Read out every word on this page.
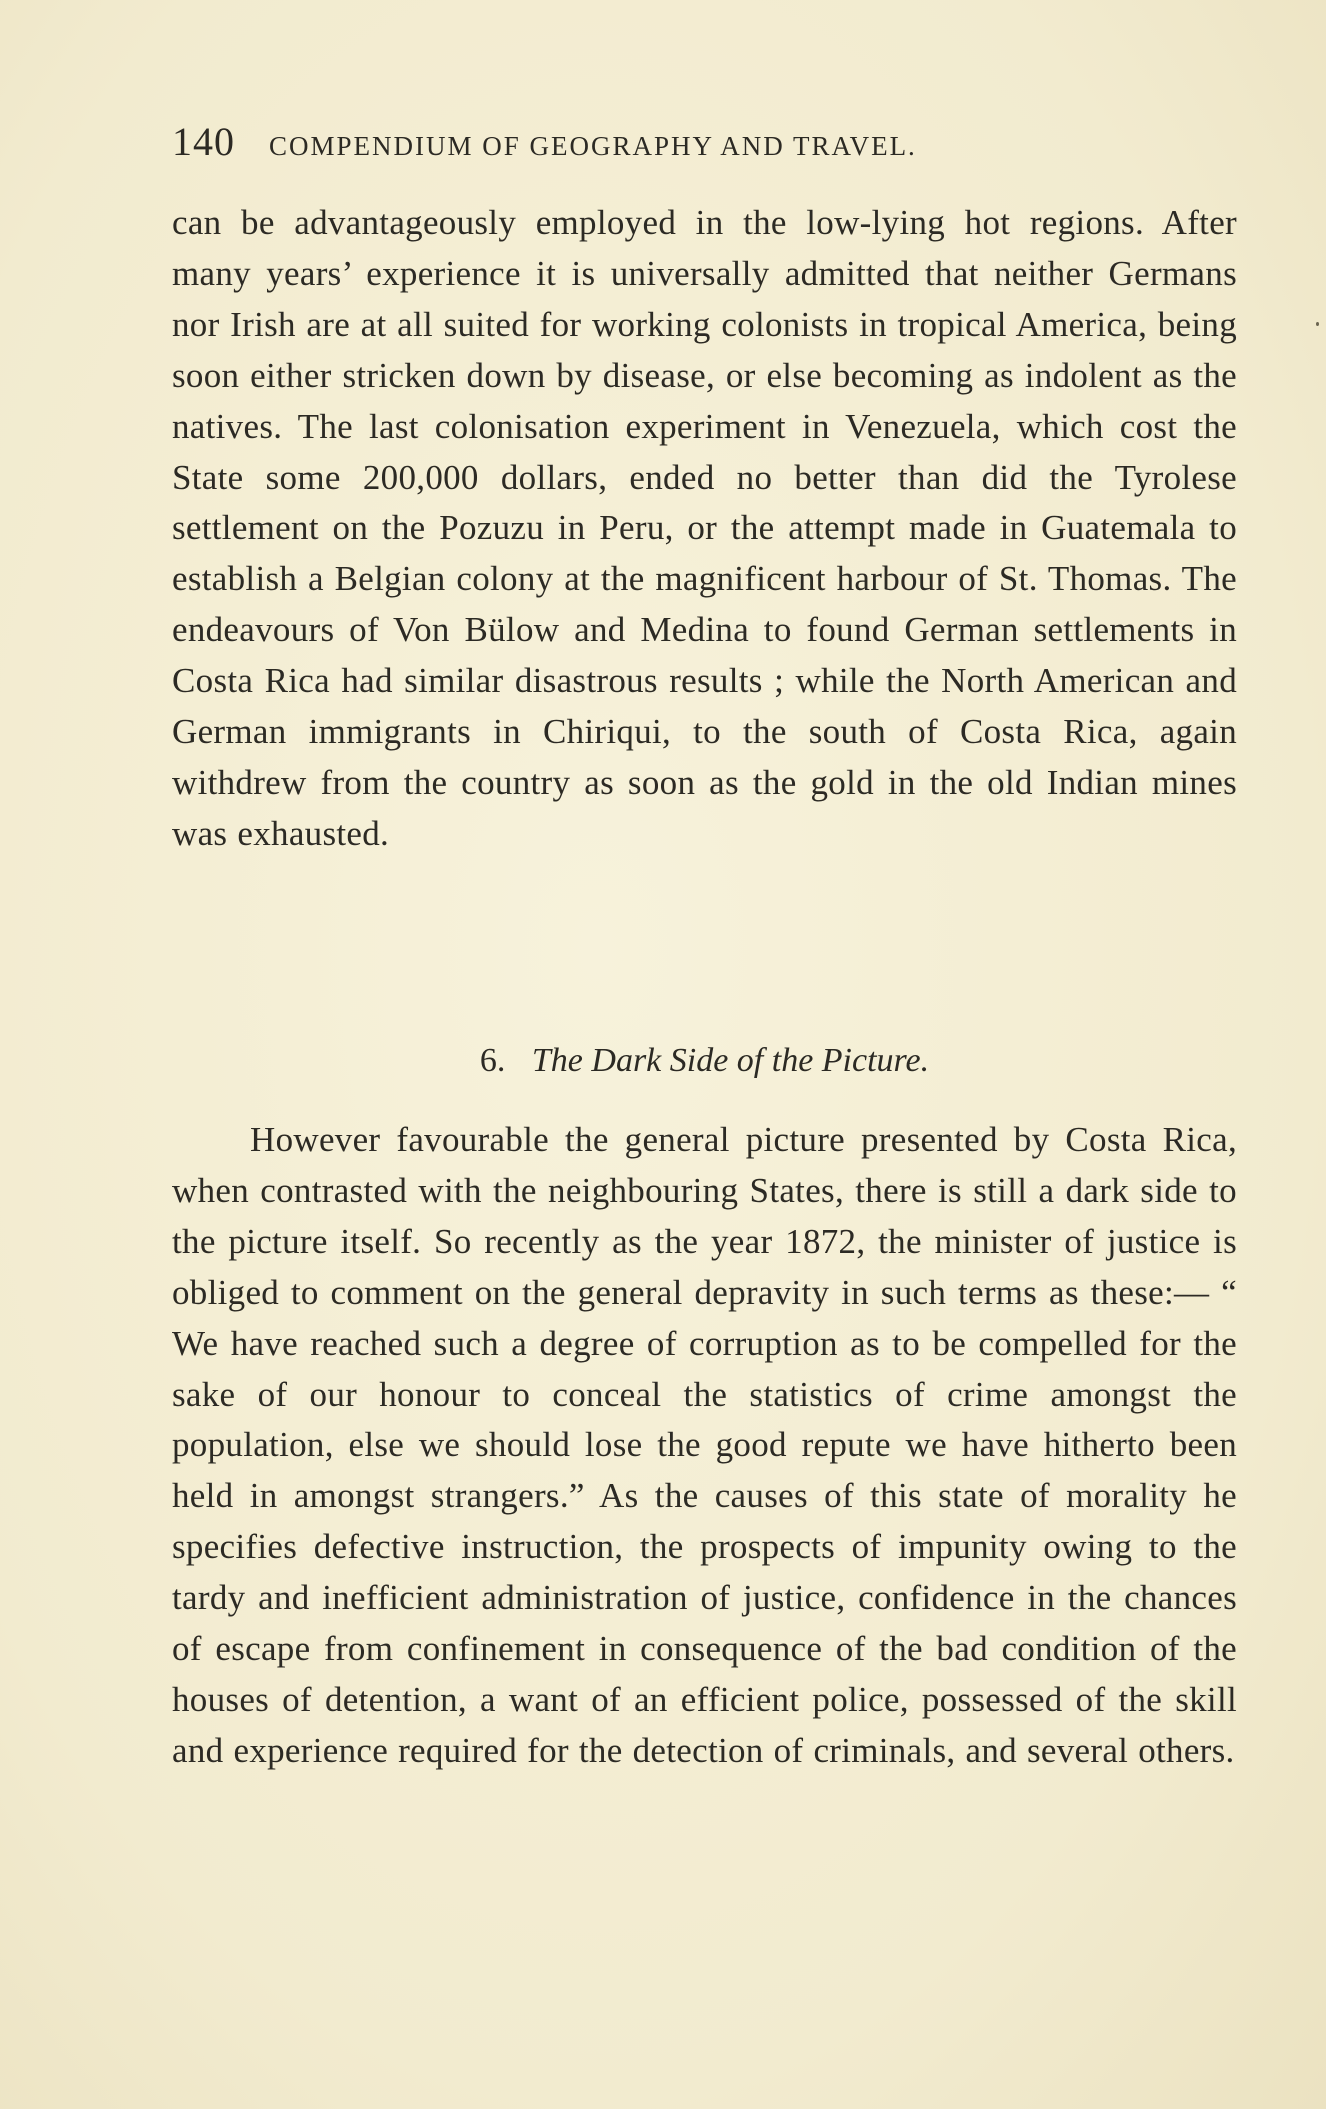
140 COMPENDIUM OF GEOGRAPHY AND TRAVEL.

can be advantageously employed in the low-lying hot regions. After many years’ experience it is universally admitted that neither Germans nor Irish are at all suited for working colonists in tropical America, being soon either stricken down by disease, or else becoming as indolent as the natives. The last colonisation experiment in Venezuela, which cost the State some 200,000 dollars, ended no better than did the Tyrolese settlement on the Pozuzu in Peru, or the attempt made in Guatemala to establish a Belgian colony at the magnificent harbour of St. Thomas. The endeavours of Von Bülow and Medina to found German settlements in Costa Rica had similar disastrous results ; while the North American and German immigrants in Chiriqui, to the south of Costa Rica, again withdrew from the country as soon as the gold in the old Indian mines was exhausted.

6. The Dark Side of the Picture.

However favourable the general picture presented by Costa Rica, when contrasted with the neighbouring States, there is still a dark side to the picture itself. So recently as the year 1872, the minister of justice is obliged to comment on the general depravity in such terms as these:— “ We have reached such a degree of corruption as to be compelled for the sake of our honour to conceal the statistics of crime amongst the population, else we should lose the good repute we have hitherto been held in amongst strangers.” As the causes of this state of morality he specifies defective instruction, the prospects of impunity owing to the tardy and inefficient administration of justice, confidence in the chances of escape from confinement in consequence of the bad condition of the houses of detention, a want of an efficient police, possessed of the skill and experience required for the detection of criminals, and several others.
